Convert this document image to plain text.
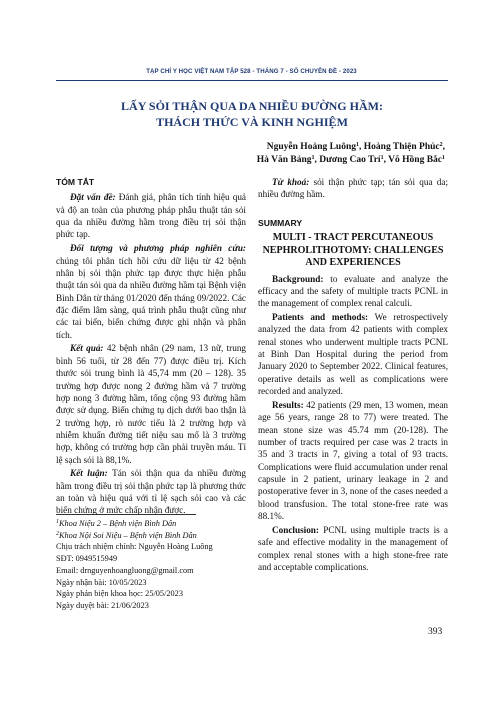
TẠP CHÍ Y HỌC VIỆT NAM TẬP 528 - THÁNG 7 - SỐ CHUYÊN ĐỀ - 2023
LẤY SỎI THẬN QUA DA NHIỀU ĐƯỜNG HẦM:
THÁCH THỨC VÀ KINH NGHIỆM
Nguyễn Hoàng Luông$^1$, Hoàng Thiện Phúc$^2$,
Hà Văn Bảng$^1$, Dương Cao Trí$^1$, Võ Hồng Bắc$^1$
TÓM TẮT

Đặt vấn đề: Đánh giá, phân tích tính hiệu quả và độ an toàn của phương pháp phẫu thuật tán sỏi qua da nhiều đường hầm trong điều trị sỏi thận phức tạp.

Đối tượng và phương pháp nghiên cứu: chúng tôi phân tích hồi cứu dữ liệu từ 42 bệnh nhân bị sỏi thận phức tạp được thực hiện phẫu thuật tán sỏi qua da nhiều đường hầm tại Bệnh viện Bình Dân từ tháng 01/2020 đến tháng 09/2022. Các đặc điểm lâm sàng, quá trình phẫu thuật cũng như các tai biến, biến chứng được ghi nhận và phân tích.

Kết quả: 42 bệnh nhân (29 nam, 13 nữ, trung bình 56 tuổi, từ 28 đến 77) được điều trị. Kích thước sỏi trung bình là 45,74 mm (20 – 128). 35 trường hợp được nong 2 đường hầm và 7 trường hợp nong 3 đường hầm, tổng cộng 93 đường hầm được sử dụng. Biến chứng tụ dịch dưới bao thận là 2 trường hợp, rò nước tiểu là 2 trường hợp và nhiễm khuẩn đường tiết niệu sau mổ là 3 trường hợp, không có trường hợp cần phải truyền máu. Tỉ lệ sạch sỏi là 88,1%.

Kết luận: Tán sỏi thận qua da nhiều đường hầm trong điều trị sỏi thận phức tạp là phương thức an toàn và hiệu quả với tỉ lệ sạch sỏi cao và các biến chứng ở mức chấp nhận được.

Từ khoá: sỏi thận phức tạp; tán sỏi qua da; nhiều đường hầm.

SUMMARY
MULTI - TRACT PERCUTANEOUS
NEPHROLITHOTOMY: CHALLENGES
AND EXPERIENCES

Background: to evaluate and analyze the efficacy and the safety of multiple tracts PCNL in the management of complex renal calculi.

Patients and methods: We retrospectively analyzed the data from 42 patients with complex renal stones who underwent multiple tracts PCNL at Binh Dan Hospital during the period from January 2020 to September 2022. Clinical features, operative details as well as complications were recorded and analyzed.

Results: 42 patients (29 men, 13 women, mean age 56 years, range 28 to 77) were treated. The mean stone size was 45.74 mm (20-128). The number of tracts required per case was 2 tracts in 35 and 3 tracts in 7, giving a total of 93 tracts. Complications were fluid accumulation under renal capsule in 2 patient, urinary leakage in 2 and postoperative fever in 3, none of the cases needed a blood transfusion. The total stone-free rate was 88.1%.

Conclusion: PCNL using multiple tracts is a safe and effective modality in the management of complex renal stones with a high stone-free rate and acceptable complications.

$^1$Khoa Niệu 2 – Bệnh viện Bình Dân
$^2$Khoa Nội Soi Niệu – Bệnh viện Bình Dân
Chịu trách nhiệm chính: Nguyễn Hoàng Luông
SĐT: 0949515949
Email: drnguyenhoangluong@gmail.com
Ngày nhận bài: 10/05/2023
Ngày phản biện khoa học: 25/05/2023
Ngày duyệt bài: 21/06/2023
393
